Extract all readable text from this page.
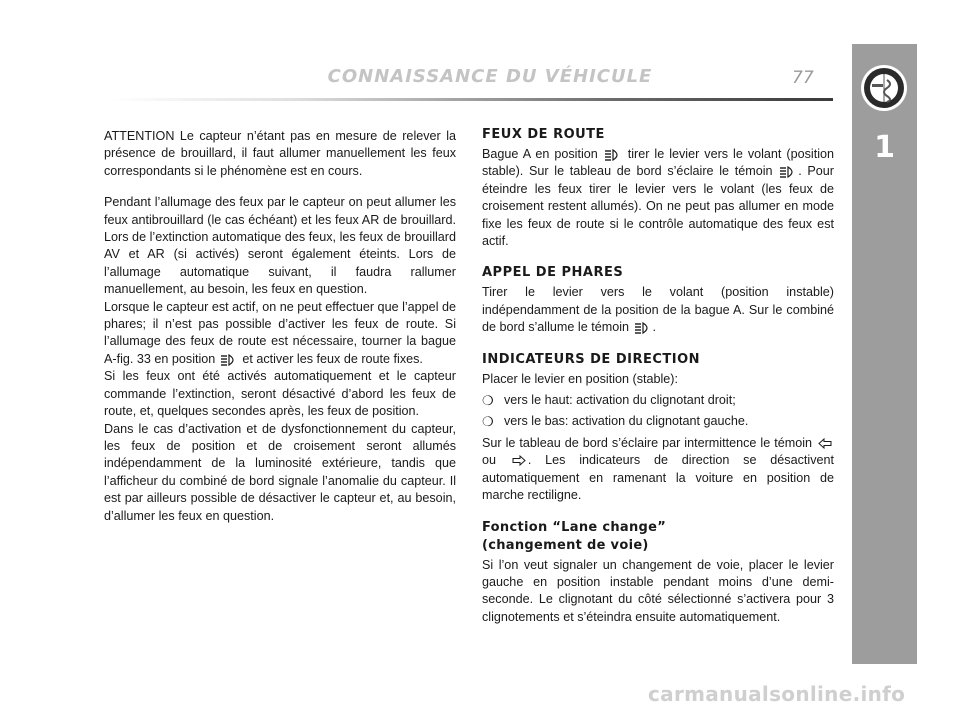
CONNAISSANCE DU VÉHICULE	77
1

ATTENTION Le capteur n’étant pas en mesure de relever la présence de brouillard, il faut allumer manuellement les feux correspondants si le phénomène est en cours.

Pendant l’allumage des feux par le capteur on peut allumer les feux antibrouillard (le cas échéant) et les feux AR de brouillard. Lors de l’extinction automatique des feux, les feux de brouillard AV et AR (si activés) seront également éteints. Lors de l’allumage automatique suivant, il faudra rallumer manuellement, au besoin, les feux en question.

Lorsque le capteur est actif, on ne peut effectuer que l’appel de phares; il n’est pas possible d’activer les feux de route. Si l’allumage des feux de route est nécessaire, tourner la bague A-fig. 33 en position et activer les feux de route fixes.

Si les feux ont été activés automatiquement et le capteur commande l’extinction, seront désactivé d’abord les feux de route, et, quelques secondes après, les feux de position.

Dans le cas d’activation et de dysfonctionnement du capteur, les feux de position et de croisement seront allumés indépendamment de la luminosité extérieure, tandis que l’afficheur du combiné de bord signale l’anomalie du capteur. Il est par ailleurs possible de désactiver le capteur et, au besoin, d’allumer les feux en question.

FEUX DE ROUTE

Bague A en position tirer le levier vers le volant (position stable). Sur le tableau de bord s’éclaire le témoin . Pour éteindre les feux tirer le levier vers le volant (les feux de croisement restent allumés). On ne peut pas allumer en mode fixe les feux de route si le contrôle automatique des feux est actif.

APPEL DE PHARES

Tirer le levier vers le volant (position instable) indépendamment de la position de la bague A. Sur le combiné de bord s’allume le témoin .

INDICATEURS DE DIRECTION

Placer le levier en position (stable):

❍ vers le haut: activation du clignotant droit;
❍ vers le bas: activation du clignotant gauche.

Sur le tableau de bord s’éclaire par intermittence le témoin  ou	. Les indicateurs de direction se désactivent automatiquement en ramenant la voiture en position de marche rectiligne.

Fonction “Lane change”
(changement de voie)

Si l’on veut signaler un changement de voie, placer le levier gauche en position instable pendant moins d’une demi-seconde. Le clignotant du côté sélectionné s’activera pour 3 clignotements et s’éteindra ensuite automatiquement.

carmanualsonline.info
